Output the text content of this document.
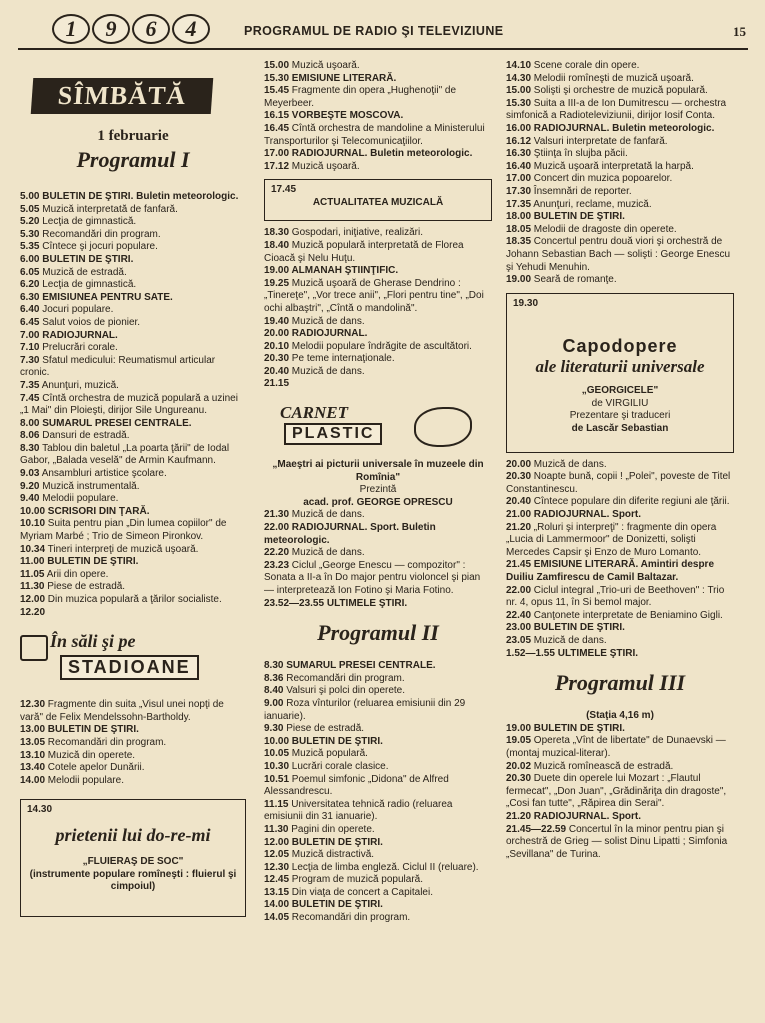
1	9	6	4	PROGRAMUL DE RADIO ŞI TELEVIZIUNE	15
SÎMBĂTĂ
1 februarie
Programul I
5.00 BULETIN DE ŞTIRI. Buletin meteorologic.
5.05 Muzică interpretată de fanfară.
5.20 Lecţia de gimnastică.
5.30 Recomandări din program.
5.35 Cîntece şi jocuri populare.
6.00 BULETIN DE ŞTIRI.
6.05 Muzică de estradă.
6.20 Lecţia de gimnastică.
6.30 EMISIUNEA PENTRU SATE.
6.40 Jocuri populare.
6.45 Salut voios de pionier.
7.00 RADIOJURNAL.
7.10 Prelucrări corale.
7.30 Sfatul medicului: Reumatismul articular cronic.
7.35 Anunţuri, muzică.
7.45 Cîntă orchestra de muzică populară a uzinei „1 Mai" din Ploieşti, dirijor Sile Ungureanu.
8.00 SUMARUL PRESEI CENTRALE.
8.06 Dansuri de estradă.
8.30 Tablou din baletul „La poarta ţării" de Iodal Gabor, „Balada veselă" de Armin Kaufmann.
9.03 Ansambluri artistice şcolare.
9.20 Muzică instrumentală.
9.40 Melodii populare.
10.00 SCRISORI DIN ŢARĂ.
10.10 Suita pentru pian „Din lumea copiilor" de Myriam Marbé ; Trio de Simeon Pironkov.
10.34 Tineri interpreţi de muzică uşoară.
11.00 BULETIN DE ŞTIRI.
11.05 Arii din opere.
11.30 Piese de estradă.
12.00 Din muzica populară a ţărilor socialiste.
12.20
În săli şi pe
STADIOANE
12.30 Fragmente din suita „Visul unei nopţi de vară" de Felix Mendelssohn-Bartholdy.
13.00 BULETIN DE ŞTIRI.
13.05 Recomandări din program.
13.10 Muzică din operete.
13.40 Cotele apelor Dunării.
14.00 Melodii populare.
14.30
prietenii lui do-re-mi
„FLUIERAŞ DE SOC"
(instrumente populare romîneşti : fluierul şi cimpoiul)
15.00 Muzică uşoară.
15.30 EMISIUNE LITERARĂ.
15.45 Fragmente din opera „Hughenoţii" de Meyerbeer.
16.15 VORBEŞTE MOSCOVA.
16.45 Cîntă orchestra de mandoline a Ministerului Transporturilor şi Telecomunicaţiilor.
17.00 RADIOJURNAL. Buletin meteorologic.
17.12 Muzică uşoară.
17.45
ACTUALITATEA MUZICALĂ
18.30 Gospodari, iniţiative, realizări.
18.40 Muzică populară interpretată de Florea Cioacă şi Nelu Huţu.
19.00 ALMANAH ŞTIINŢIFIC.
19.25 Muzică uşoară de Gherase Dendrino : „Tinereţe", „Vor trece anii", „Flori pentru tine", „Doi ochi albaştri", „Cîntă o mandolină".
19.40 Muzică de dans.
20.00 RADIOJURNAL.
20.10 Melodii populare îndrăgite de ascultători.
20.30 Pe teme internaţionale.
20.40 Muzică de dans.
21.15
CARNET
PLASTIC
„Maeştri ai picturii universale în muzeele din Romînia"
Prezintă
acad. prof. GEORGE OPRESCU
21.30 Muzică de dans.
22.00 RADIOJURNAL. Sport. Buletin meteorologic.
22.20 Muzică de dans.
23.23 Ciclul „George Enescu — compozitor" : Sonata a II-a în Do major pentru violoncel şi pian — interpretează Ion Fotino şi Maria Fotino.
23.52—23.55 ULTIMELE ŞTIRI.
Programul II
8.30 SUMARUL PRESEI CENTRALE.
8.36 Recomandări din program.
8.40 Valsuri şi polci din operete.
9.00 Roza vînturilor (reluarea emisiunii din 29 ianuarie).
9.30 Piese de estradă.
10.00 BULETIN DE ŞTIRI.
10.05 Muzică populară.
10.30 Lucrări corale clasice.
10.51 Poemul simfonic „Didona" de Alfred Alessandrescu.
11.15 Universitatea tehnică radio (reluarea emisiunii din 31 ianuarie).
11.30 Pagini din operete.
12.00 BULETIN DE ŞTIRI.
12.05 Muzică distractivă.
12.30 Lecţia de limba engleză. Ciclul II (reluare).
12.45 Program de muzică populară.
13.15 Din viaţa de concert a Capitalei.
14.00 BULETIN DE ŞTIRI.
14.05 Recomandări din program.
14.10 Scene corale din opere.
14.30 Melodii romîneşti de muzică uşoară.
15.00 Solişti şi orchestre de muzică populară.
15.30 Suita a III-a de Ion Dumitrescu — orchestra simfonică a Radioteleviziunii, dirijor Iosif Conta.
16.00 RADIOJURNAL. Buletin meteorologic.
16.12 Valsuri interpretate de fanfară.
16.30 Ştiinţa în slujba păcii.
16.40 Muzică uşoară interpretată la harpă.
17.00 Concert din muzica popoarelor.
17.30 Însemnări de reporter.
17.35 Anunţuri, reclame, muzică.
18.00 BULETIN DE ŞTIRI.
18.05 Melodii de dragoste din operete.
18.35 Concertul pentru două viori şi orchestră de Johann Sebastian Bach — solişti : George Enescu şi Yehudi Menuhin.
19.00 Seară de romanţe.
19.30
Capodopere
ale literaturii universale
„GEORGICELE"
de VIRGILIU
Prezentare şi traduceri
de Lascăr Sebastian
20.00 Muzică de dans.
20.30 Noapte bună, copii ! „Polei", poveste de Titel Constantinescu.
20.40 Cîntece populare din diferite regiuni ale ţării.
21.00 RADIOJURNAL. Sport.
21.20 „Roluri şi interpreţi" : fragmente din opera „Lucia di Lammermoor" de Donizetti, solişti Mercedes Capsir şi Enzo de Muro Lomanto.
21.45 EMISIUNE LITERARĂ. Amintiri despre Duiliu Zamfirescu de Camil Baltazar.
22.00 Ciclul integral „Trio-uri de Beethoven" : Trio nr. 4, opus 11, în Si bemol major.
22.40 Canţonete interpretate de Beniamino Gigli.
23.00 BULETIN DE ŞTIRI.
23.05 Muzică de dans.
1.52—1.55 ULTIMELE ŞTIRI.
Programul III
(Staţia 4,16 m)
19.00 BULETIN DE ŞTIRI.
19.05 Opereta „Vînt de libertate" de Dunaevski — (montaj muzical-literar).
20.02 Muzică romînească de estradă.
20.30 Duete din operele lui Mozart : „Flautul fermecat", „Don Juan", „Grădinăriţa din dragoste", „Cosi fan tutte", „Răpirea din Serai".
21.20 RADIOJURNAL. Sport.
21.45—22.59 Concertul în la minor pentru pian şi orchestră de Grieg — solist Dinu Lipatti ; Simfonia „Sevillana" de Turina.
